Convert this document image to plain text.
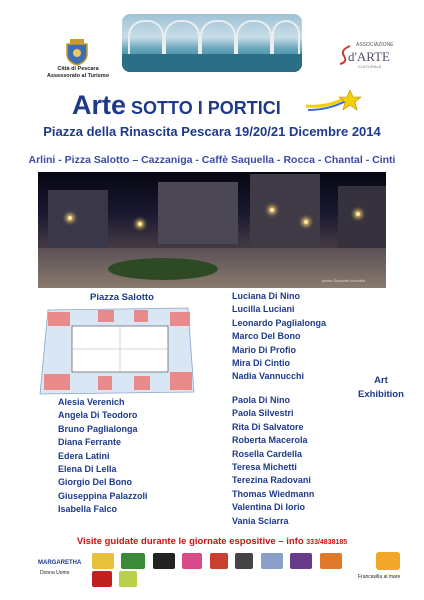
Città di Pescara
Assessorato al Turismo
ASSOCIAZIONE
d'ARTE
CULTURALE
Arte SOTTO I PORTICI
Piazza della Rinascita Pescara 19/20/21 Dicembre 2014
Arlini - Pizza Salotto – Cazzaniga - Caffè Saquella - Rocca - Chantal - Cinti
photo Giovanni Ioncolini
Piazza Salotto	Luciana Di Nino
Lucilla Luciani
Leonardo Paglialonga
Marco Del Bono
Mario Di Profio
Mira Di Cintio
Nadia Vannucchi	Art
Exhibition
Paola Di Nino
Paola Silvestri
Rita Di Salvatore
Roberta Macerola
Rosella Cardella
Teresa Michetti
Terezina Radovani
Thomas Wiedmann
Valentina Di Iorio
Vania Sciarra
Alesia Verenich
Angela Di Teodoro
Bruno Paglialonga
Diana Ferrante
Edera Latini
Elena Di Lella
Giorgio Del Bono
Giuseppina Palazzoli
Isabella Falco
Visite guidate durante le giornate espositive – info 333/4838185
MARGARETHA
Donna Uomo

Francavilla al mare
